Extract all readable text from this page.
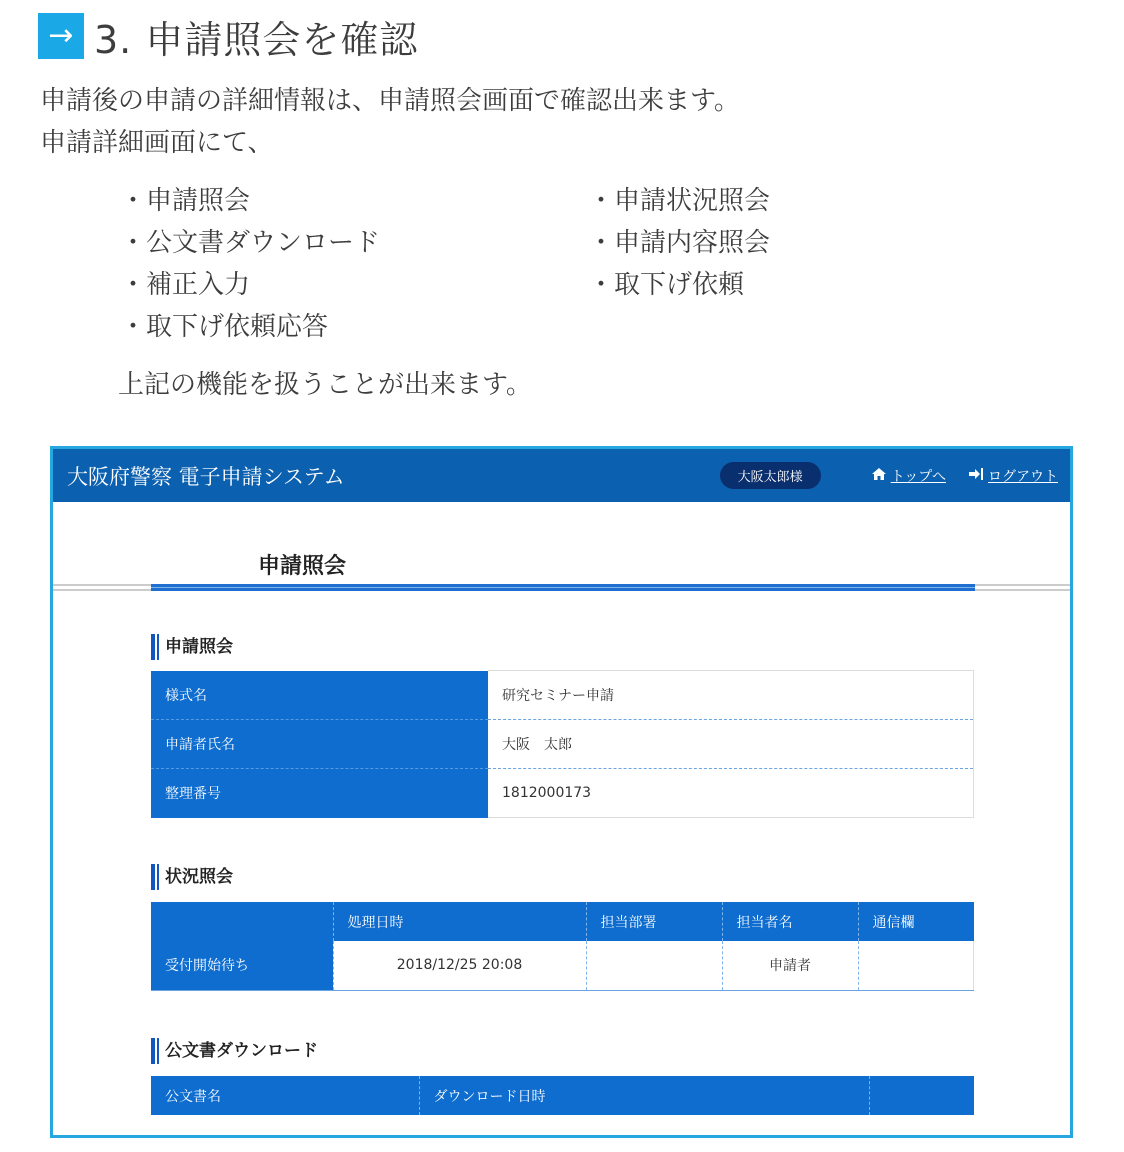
→ 3. 申請照会を確認
申請後の申請の詳細情報は、申請照会画面で確認出来ます。
申請詳細画面にて、
・申請照会
・公文書ダウンロード
・補正入力
・取下げ依頼応答
・申請状況照会
・申請内容照会
・取下げ依頼
上記の機能を扱うことが出来ます。
大阪府警察 電子申請システム	大阪太郎様	トップへ	ログアウト
申請照会
申請照会
様式名	研究セミナー申請
申請者氏名	大阪　太郎
整理番号	1812000173
状況照会
	処理日時	担当部署	担当者名	通信欄
受付開始待ち	2018/12/25 20:08		申請者	
公文書ダウンロード
公文書名	ダウンロード日時	
